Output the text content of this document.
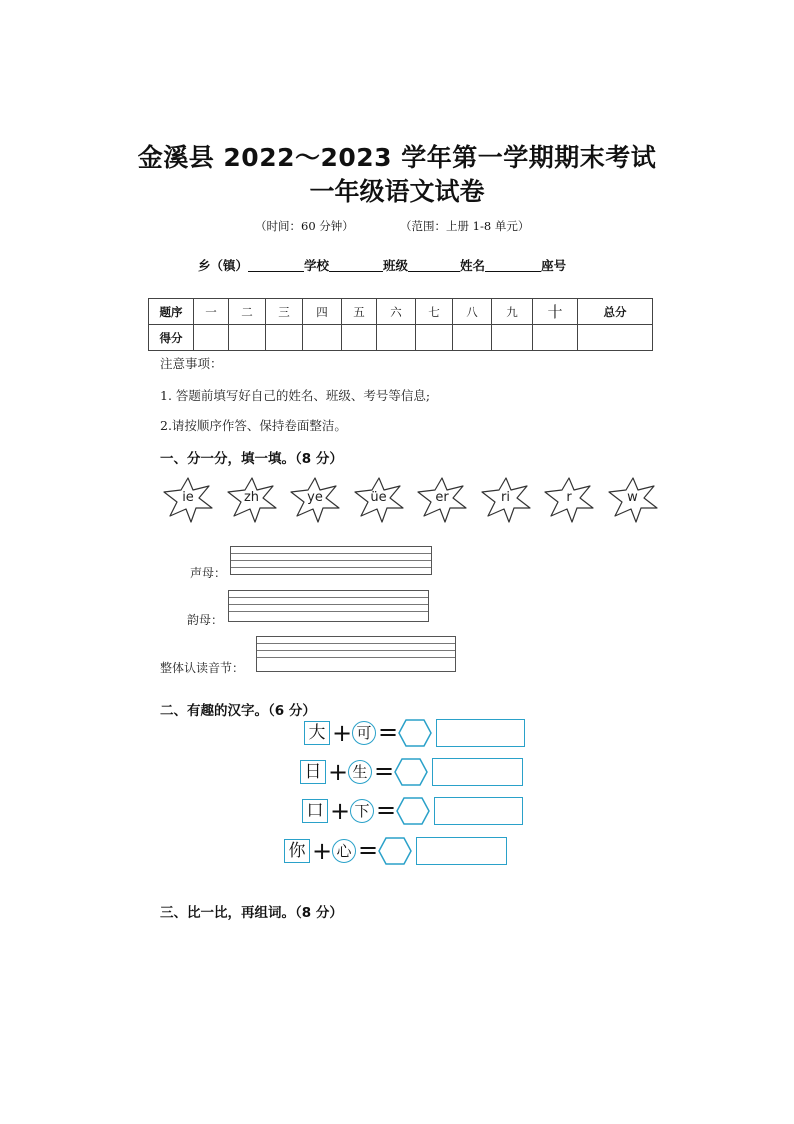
金溪县 2022～2023 学年第一学期期末考试
一年级语文试卷
（时间：60 分钟）	（范围：上册 1-8 单元）
乡（镇）	学校	班级	姓名	座号
题序	一	二	三	四	五	六	七	八	九	十	总分
得分											
注意事项：
1. 答题前填写好自己的姓名、班级、考号等信息;
2.请按顺序作答、保持卷面整洁。
一、分一分，填一填。（8 分）
ie	zh	ye	üe	er	ri	r	w
声母：
韵母：
整体认读音节：
二、有趣的汉字。（6 分）
大 + 可 =
日 + 生 =
口 + 下 =
你 + 心 =
三、比一比，再组词。（8 分）
